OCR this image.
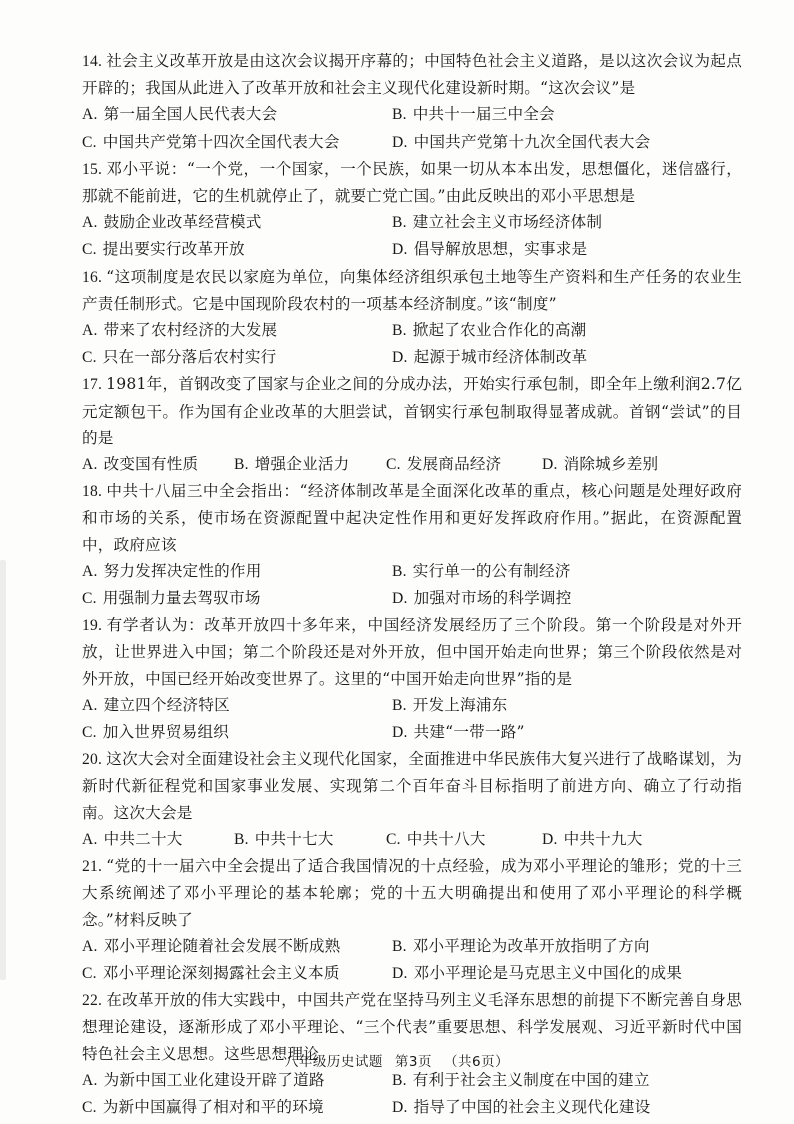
14. 社会主义改革开放是由这次会议揭开序幕的；中国特色社会主义道路，是以这次会议为起点开辟的；我国从此进入了改革开放和社会主义现代化建设新时期。“这次会议”是
A. 第一届全国人民代表大会	B. 中共十一届三中全会
C. 中国共产党第十四次全国代表大会	D. 中国共产党第十九次全国代表大会
15. 邓小平说：“一个党，一个国家，一个民族，如果一切从本本出发，思想僵化，迷信盛行，那就不能前进，它的生机就停止了，就要亡党亡国。”由此反映出的邓小平思想是
A. 鼓励企业改革经营模式	B. 建立社会主义市场经济体制
C. 提出要实行改革开放	D. 倡导解放思想，实事求是
16. “这项制度是农民以家庭为单位，向集体经济组织承包土地等生产资料和生产任务的农业生产责任制形式。它是中国现阶段农村的一项基本经济制度。”该“制度”
A. 带来了农村经济的大发展	B. 掀起了农业合作化的高潮
C. 只在一部分落后农村实行	D. 起源于城市经济体制改革
17. 1981年，首钢改变了国家与企业之间的分成办法，开始实行承包制，即全年上缴利润2.7亿元定额包干。作为国有企业改革的大胆尝试，首钢实行承包制取得显著成就。首钢“尝试”的目的是
A. 改变国有性质	B. 增强企业活力	C. 发展商品经济	D. 消除城乡差别
18. 中共十八届三中全会指出：“经济体制改革是全面深化改革的重点，核心问题是处理好政府和市场的关系，使市场在资源配置中起决定性作用和更好发挥政府作用。”据此，在资源配置中，政府应该
A. 努力发挥决定性的作用	B. 实行单一的公有制经济
C. 用强制力量去驾驭市场	D. 加强对市场的科学调控
19. 有学者认为：改革开放四十多年来，中国经济发展经历了三个阶段。第一个阶段是对外开放，让世界进入中国；第二个阶段还是对外开放，但中国开始走向世界；第三个阶段依然是对外开放，中国已经开始改变世界了。这里的“中国开始走向世界”指的是
A. 建立四个经济特区	B. 开发上海浦东
C. 加入世界贸易组织	D. 共建“一带一路”
20. 这次大会对全面建设社会主义现代化国家，全面推进中华民族伟大复兴进行了战略谋划，为新时代新征程党和国家事业发展、实现第二个百年奋斗目标指明了前进方向、确立了行动指南。这次大会是
A. 中共二十大	B. 中共十七大	C. 中共十八大	D. 中共十九大
21. “党的十一届六中全会提出了适合我国情况的十点经验，成为邓小平理论的雏形；党的十三大系统阐述了邓小平理论的基本轮廓；党的十五大明确提出和使用了邓小平理论的科学概念。”材料反映了
A. 邓小平理论随着社会发展不断成熟	B. 邓小平理论为改革开放指明了方向
C. 邓小平理论深刻揭露社会主义本质	D. 邓小平理论是马克思主义中国化的成果
22. 在改革开放的伟大实践中，中国共产党在坚持马列主义毛泽东思想的前提下不断完善自身思想理论建设，逐渐形成了邓小平理论、“三个代表”重要思想、科学发展观、习近平新时代中国特色社会主义思想。这些思想理论
A. 为新中国工业化建设开辟了道路	B. 有利于社会主义制度在中国的建立
C. 为新中国赢得了相对和平的环境	D. 指导了中国的社会主义现代化建设
八年级历史试题 第3页 （共6页）
